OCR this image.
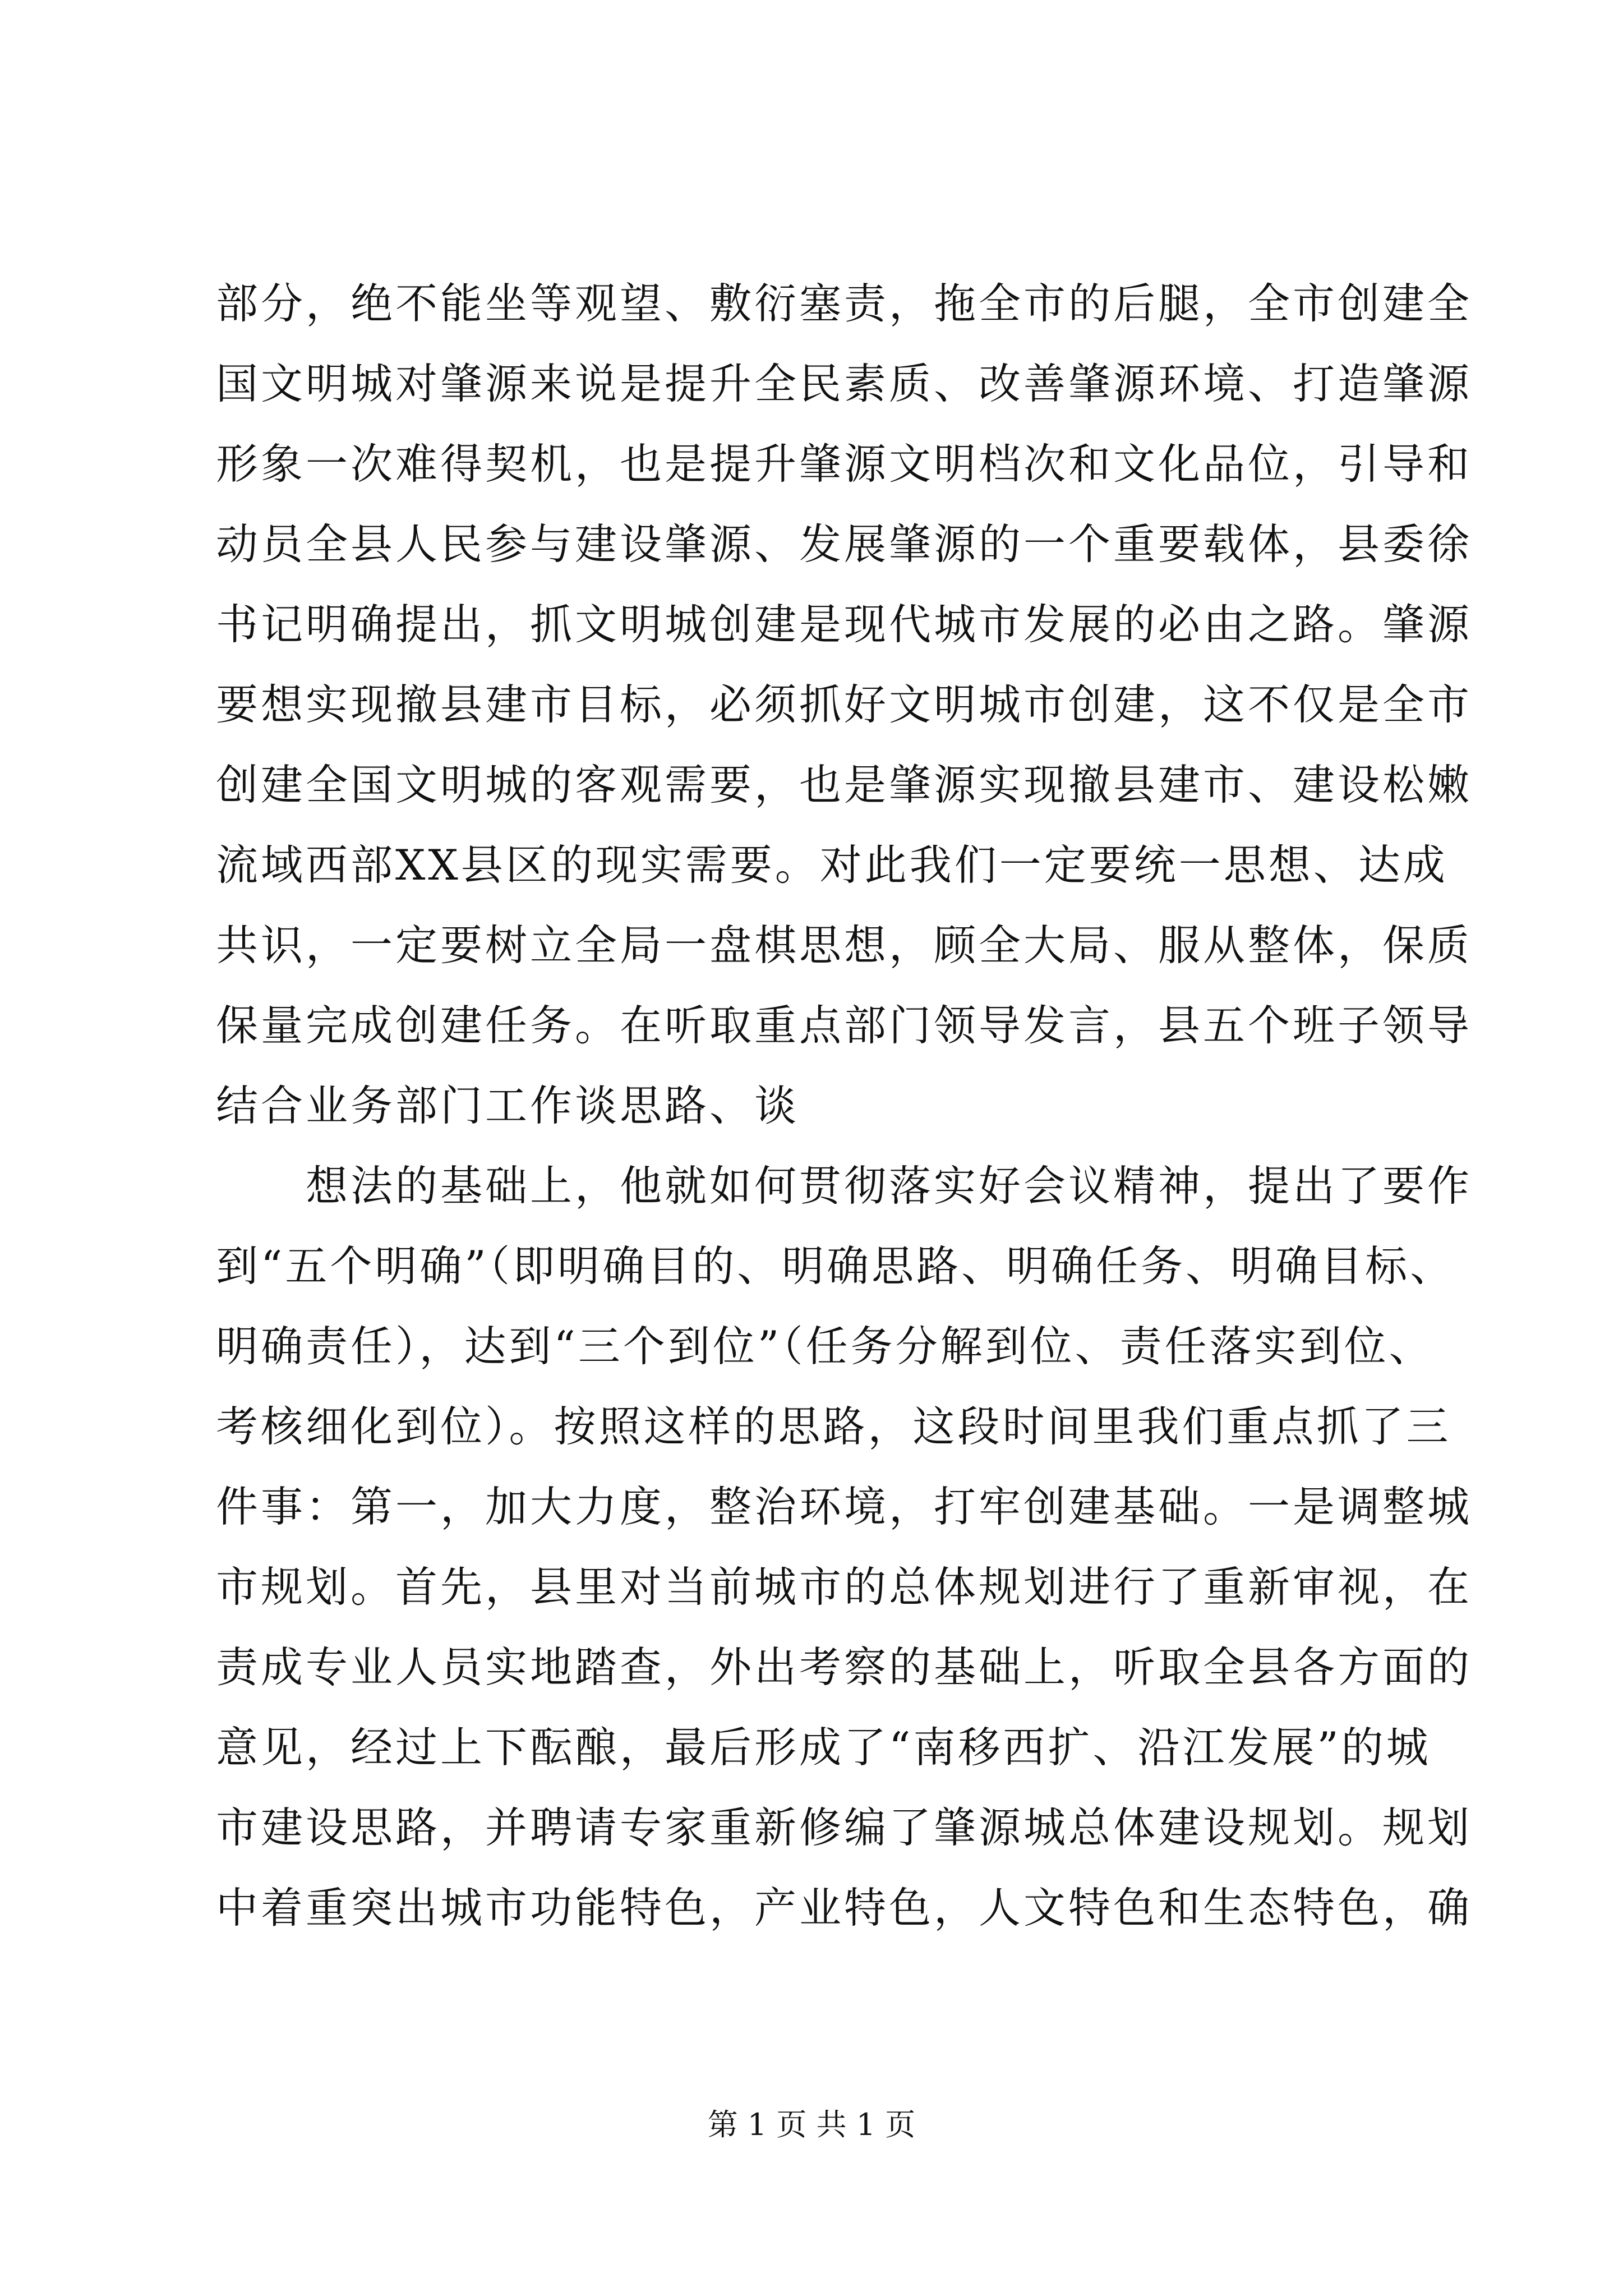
部分，绝不能坐等观望、敷衍塞责，拖全市的后腿，全市创建全
国文明城对肇源来说是提升全民素质、改善肇源环境、打造肇源
形象一次难得契机，也是提升肇源文明档次和文化品位，引导和
动员全县人民参与建设肇源、发展肇源的一个重要载体，县委徐
书记明确提出，抓文明城创建是现代城市发展的必由之路。肇源
要想实现撤县建市目标，必须抓好文明城市创建，这不仅是全市
创建全国文明城的客观需要，也是肇源实现撤县建市、建设松嫩
流域西部XX县区的现实需要。对此我们一定要统一思想、达成
共识，一定要树立全局一盘棋思想，顾全大局、服从整体，保质
保量完成创建任务。在听取重点部门领导发言，县五个班子领导
结合业务部门工作谈思路、谈
　　想法的基础上，他就如何贯彻落实好会议精神，提出了要作
到“五个明确”（即明确目的、明确思路、明确任务、明确目标、
明确责任），达到“三个到位”（任务分解到位、责任落实到位、
考核细化到位）。按照这样的思路，这段时间里我们重点抓了三
件事：第一，加大力度，整治环境，打牢创建基础。一是调整城
市规划。首先，县里对当前城市的总体规划进行了重新审视，在
责成专业人员实地踏查，外出考察的基础上，听取全县各方面的
意见，经过上下酝酿，最后形成了“南移西扩、沿江发展”的城
市建设思路，并聘请专家重新修编了肇源城总体建设规划。规划
中着重突出城市功能特色，产业特色，人文特色和生态特色，确
第 1 页 共 1 页
